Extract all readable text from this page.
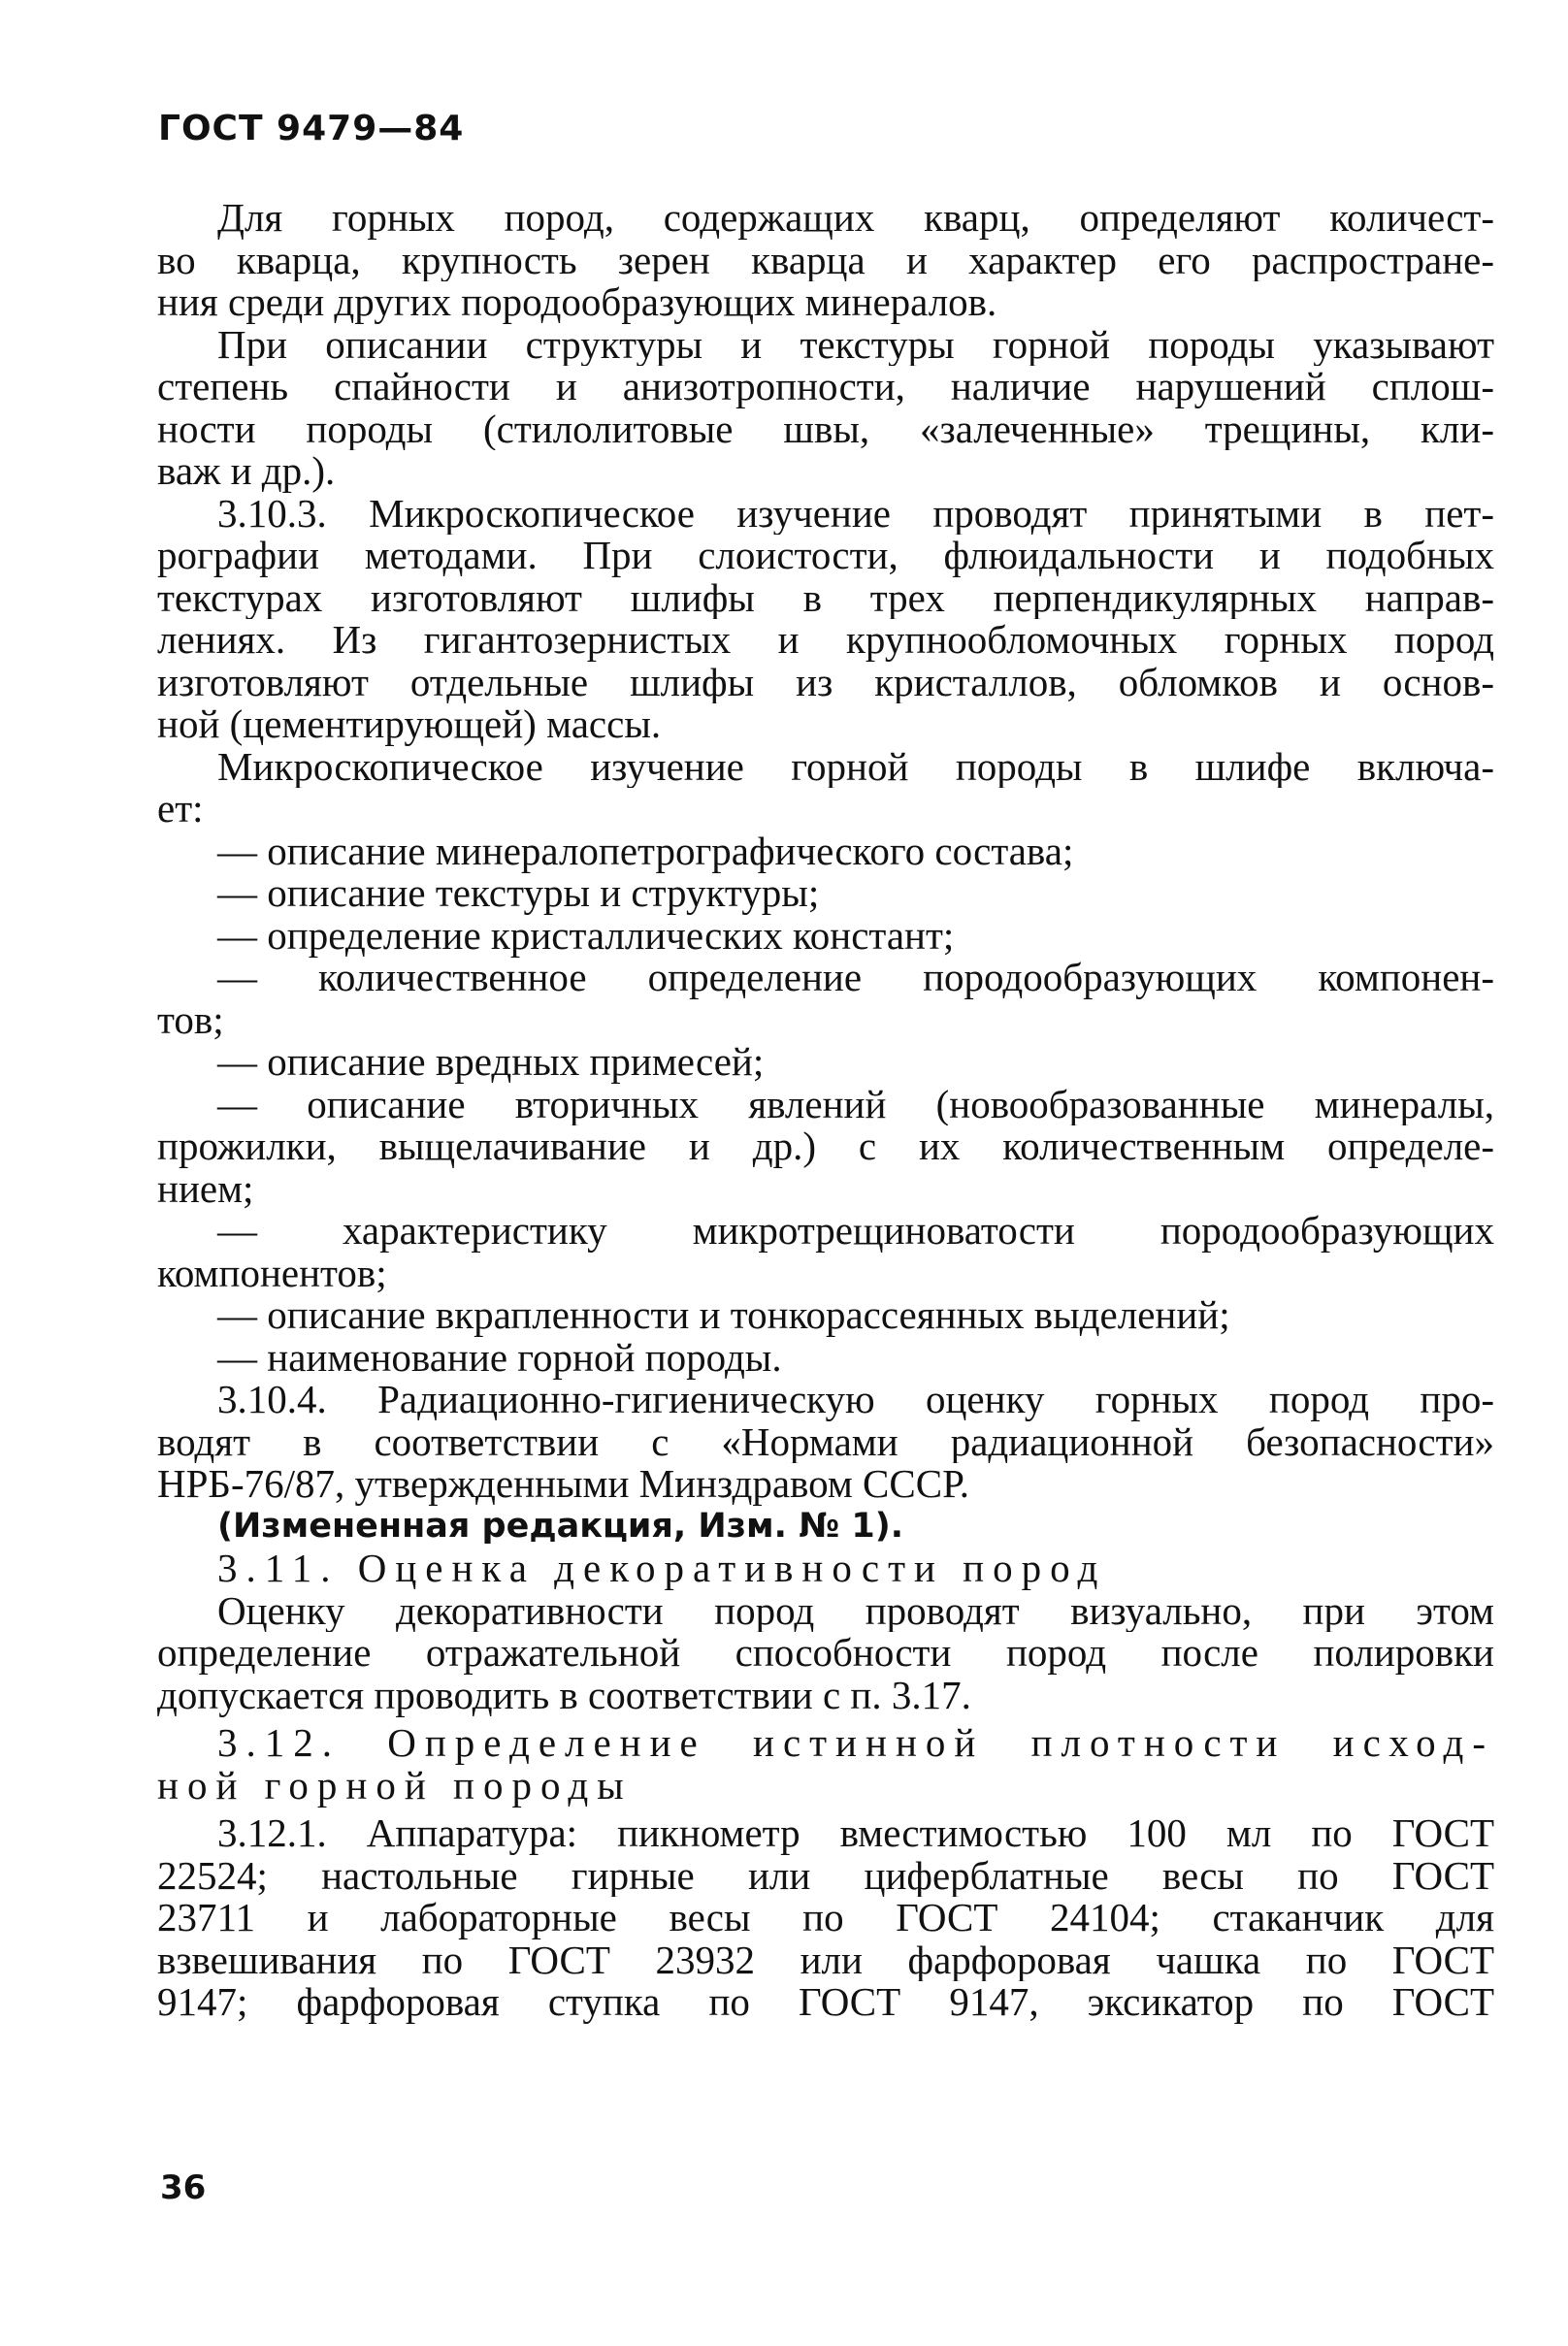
ГОСТ 9479—84
Для горных пород, содержащих кварц, определяют количест-
во кварца, крупность зерен кварца и характер его распростране-
ния среди других породообразующих минералов.
При описании структуры и текстуры горной породы указывают
степень спайности и анизотропности, наличие нарушений сплош-
ности породы (стилолитовые швы, «залеченные» трещины, кли-
важ и др.).
3.10.3. Микроскопическое изучение проводят принятыми в пет-
рографии методами. При слоистости, флюидальности и подобных
текстурах изготовляют шлифы в трех перпендикулярных направ-
лениях. Из гигантозернистых и крупнообломочных горных пород
изготовляют отдельные шлифы из кристаллов, обломков и основ-
ной (цементирующей) массы.
Микроскопическое изучение горной породы в шлифе включа-
ет:
— описание минералопетрографического состава;
— описание текстуры и структуры;
— определение кристаллических констант;
— количественное определение породообразующих компонен-
тов;
— описание вредных примесей;
— описание вторичных явлений (новообразованные минералы,
прожилки, выщелачивание и др.) с их количественным определе-
нием;
— характеристику микротрещиноватости породообразующих
компонентов;
— описание вкрапленности и тонкорассеянных выделений;
— наименование горной породы.
3.10.4. Радиационно-гигиеническую оценку горных пород про-
водят в соответствии с «Нормами радиационной безопасности»
НРБ-76/87, утвержденными Минздравом СССР.
(Измененная редакция, Изм. № 1).
3.11. Оценка декоративности пород
Оценку декоративности пород проводят визуально, при этом
определение отражательной способности пород после полировки
допускается проводить в соответствии с п. 3.17.
3.12. Определение истинной плотности исход-
ной горной породы
3.12.1. Аппаратура: пикнометр вместимостью 100 мл по ГОСТ
22524; настольные гирные или циферблатные весы по ГОСТ
23711 и лабораторные весы по ГОСТ 24104; стаканчик для
взвешивания по ГОСТ 23932 или фарфоровая чашка по ГОСТ
9147; фарфоровая ступка по ГОСТ 9147, эксикатор по ГОСТ
36
